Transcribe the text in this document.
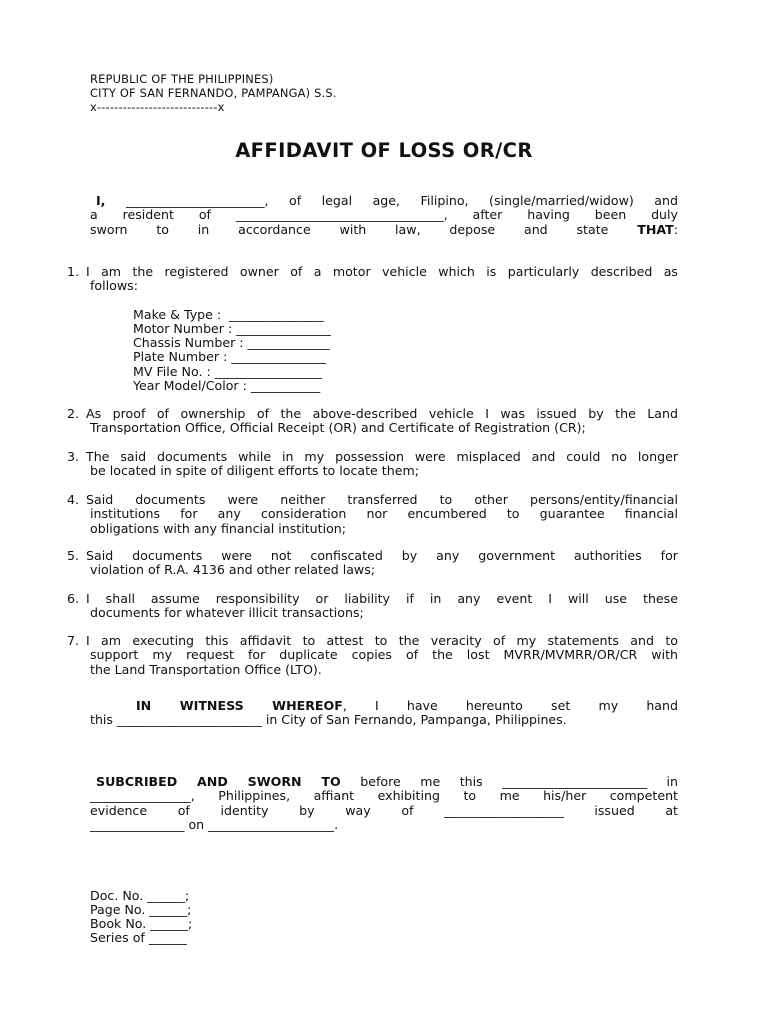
REPUBLIC OF THE PHILIPPINES)
CITY OF SAN FERNANDO, PAMPANGA) S.S.
x----------------------------x
AFFIDAVIT OF LOSS OR/CR
I, ______________________, of legal age, Filipino, (single/married/widow) and
a resident of _________________________________, after having been duly
sworn to in accordance with law, depose and state THAT:
1. I am the registered owner of a motor vehicle which is particularly described as
follows:
Make & Type :  _______________
Motor Number : _______________
Chassis Number : _____________
Plate Number : _______________
MV File No. : _________________
Year Model/Color : ___________
2. As proof of ownership of the above-described vehicle I was issued by the Land
Transportation Office, Official Receipt (OR) and Certificate of Registration (CR);
3. The said documents while in my possession were misplaced and could no longer
be located in spite of diligent efforts to locate them;
4. Said documents were neither transferred to other persons/entity/financial
institutions for any consideration nor encumbered to guarantee financial
obligations with any financial institution;
5. Said documents were not confiscated by any government authorities for
violation of R.A. 4136 and other related laws;
6. I shall assume responsibility or liability if in any event I will use these
documents for whatever illicit transactions;
7. I am executing this affidavit to attest to the veracity of my statements and to
support my request for duplicate copies of the lost MVRR/MVMRR/OR/CR with
the Land Transportation Office (LTO).
IN WITNESS WHEREOF, I have hereunto set my hand
this _______________________ in City of San Fernando, Pampanga, Philippines.
SUBCRIBED AND SWORN TO before me this _______________________ in
________________, Philippines, affiant exhibiting to me his/her competent
evidence of identity by way of ___________________ issued at
_______________ on ____________________.
Doc. No. ______;
Page No. ______;
Book No. ______;
Series of ______
